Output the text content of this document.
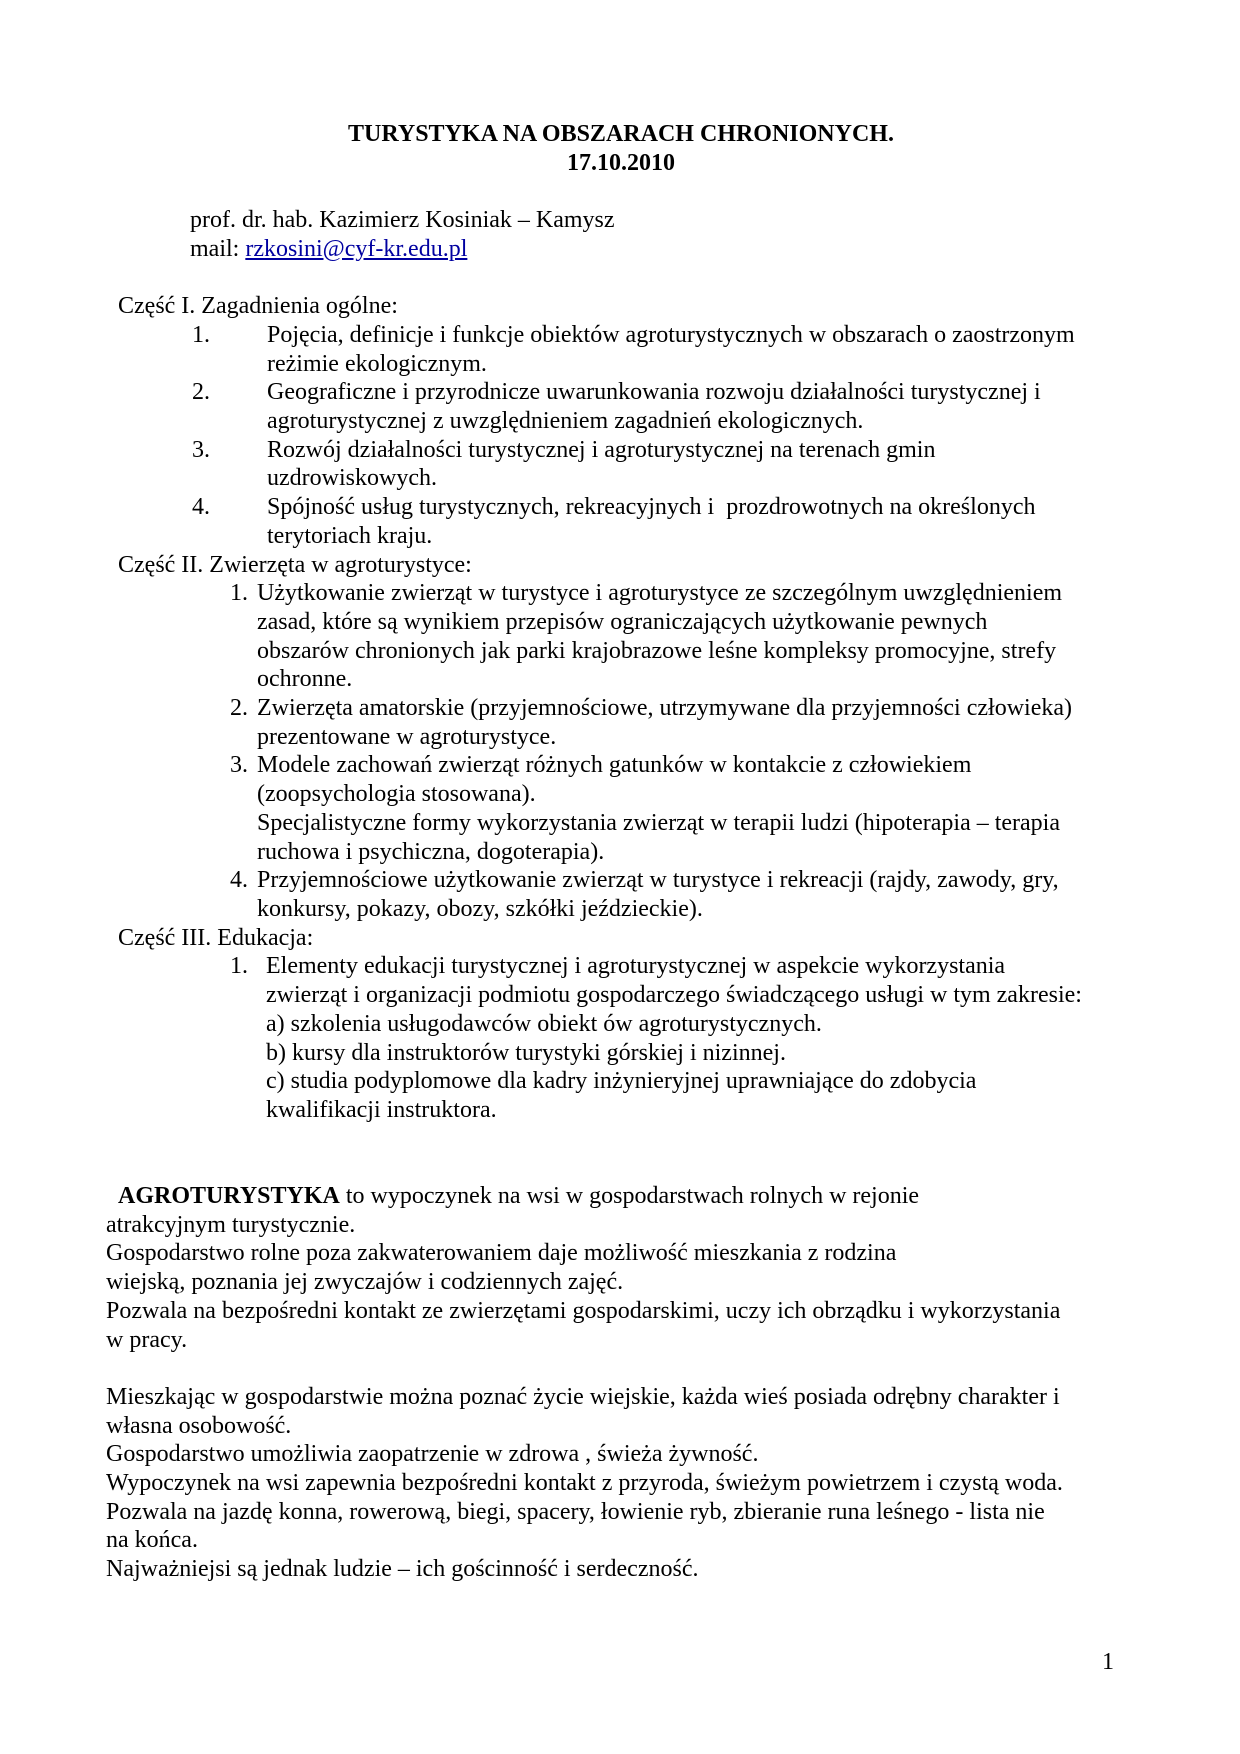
TURYSTYKA NA OBSZARACH CHRONIONYCH.
17.10.2010

prof. dr. hab. Kazimierz Kosiniak – Kamysz
mail: rzkosini@cyf-kr.edu.pl

Część I. Zagadnienia ogólne:
1. Pojęcia, definicje i funkcje obiektów agroturystycznych w obszarach o zaostrzonym
reżimie ekologicznym.
2. Geograficzne i przyrodnicze uwarunkowania rozwoju działalności turystycznej i
agroturystycznej z uwzględnieniem zagadnień ekologicznych.
3. Rozwój działalności turystycznej i agroturystycznej na terenach gmin
uzdrowiskowych.
4. Spójność usług turystycznych, rekreacyjnych i  prozdrowotnych na określonych
terytoriach kraju.
Część II. Zwierzęta w agroturystyce:
1. Użytkowanie zwierząt w turystyce i agroturystyce ze szczególnym uwzględnieniem
zasad, które są wynikiem przepisów ograniczających użytkowanie pewnych
obszarów chronionych jak parki krajobrazowe leśne kompleksy promocyjne, strefy
ochronne.
2. Zwierzęta amatorskie (przyjemnościowe, utrzymywane dla przyjemności człowieka)
prezentowane w agroturystyce.
3. Modele zachowań zwierząt różnych gatunków w kontakcie z człowiekiem
(zoopsychologia stosowana).
Specjalistyczne formy wykorzystania zwierząt w terapii ludzi (hipoterapia – terapia
ruchowa i psychiczna, dogoterapia).
4. Przyjemnościowe użytkowanie zwierząt w turystyce i rekreacji (rajdy, zawody, gry,
konkursy, pokazy, obozy, szkółki jeździeckie).
Część III. Edukacja:
1. Elementy edukacji turystycznej i agroturystycznej w aspekcie wykorzystania
zwierząt i organizacji podmiotu gospodarczego świadczącego usługi w tym zakresie:
a) szkolenia usługodawców obiekt ów agroturystycznych.
b) kursy dla instruktorów turystyki górskiej i nizinnej.
c) studia podyplomowe dla kadry inżynieryjnej uprawniające do zdobycia
kwalifikacji instruktora.

AGROTURYSTYKA to wypoczynek na wsi w gospodarstwach rolnych w rejonie
atrakcyjnym turystycznie.
Gospodarstwo rolne poza zakwaterowaniem daje możliwość mieszkania z rodzina
wiejską, poznania jej zwyczajów i codziennych zajęć.
Pozwala na bezpośredni kontakt ze zwierzętami gospodarskimi, uczy ich obrządku i wykorzystania
w pracy.

Mieszkając w gospodarstwie można poznać życie wiejskie, każda wieś posiada odrębny charakter i
własna osobowość.
Gospodarstwo umożliwia zaopatrzenie w zdrowa , świeża żywność.
Wypoczynek na wsi zapewnia bezpośredni kontakt z przyroda, świeżym powietrzem i czystą woda.
Pozwala na jazdę konna, rowerową, biegi, spacery, łowienie ryb, zbieranie runa leśnego - lista nie
na końca.
Najważniejsi są jednak ludzie – ich gościnność i serdeczność.
1
